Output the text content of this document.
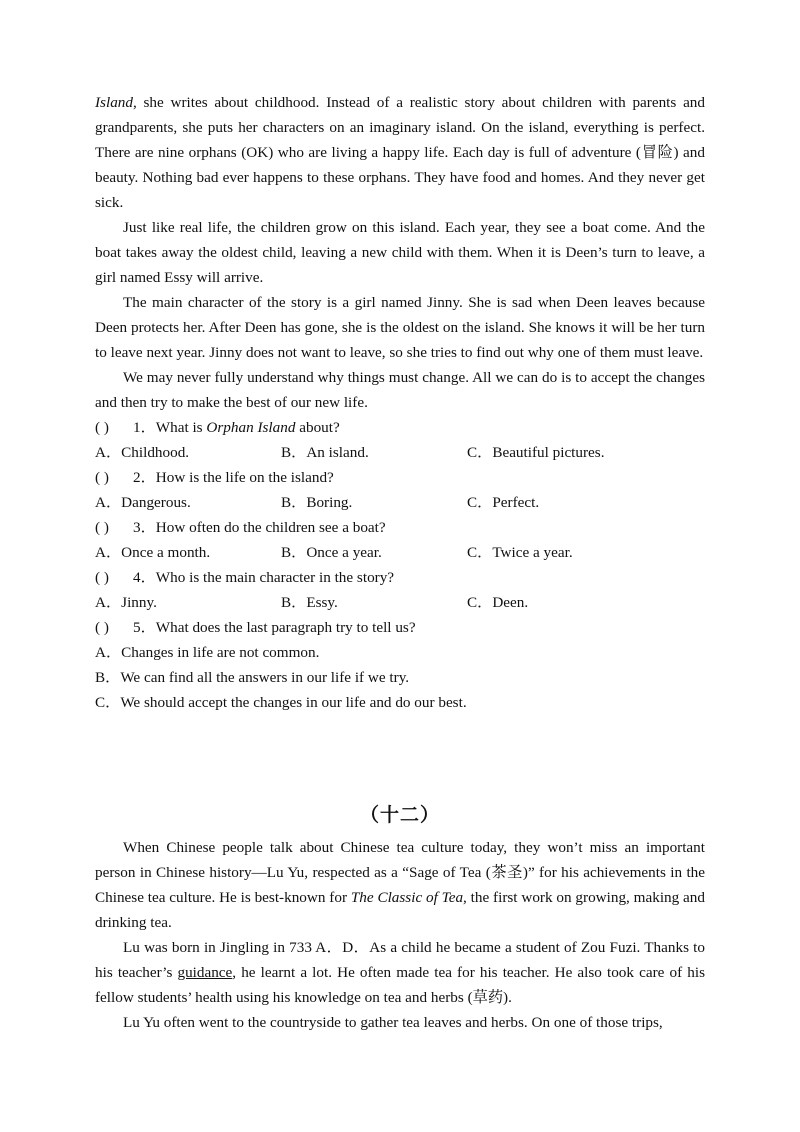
Island, she writes about childhood. Instead of a realistic story about children with parents and grandparents, she puts her characters on an imaginary island. On the island, everything is perfect. There are nine orphans (OK) who are living a happy life. Each day is full of adventure (冒险) and beauty. Nothing bad ever happens to these orphans. They have food and homes. And they never get sick.

Just like real life, the children grow on this island. Each year, they see a boat come. And the boat takes away the oldest child, leaving a new child with them. When it is Deen’s turn to leave, a girl named Essy will arrive.

The main character of the story is a girl named Jinny. She is sad when Deen leaves because Deen protects her. After Deen has gone, she is the oldest on the island. She knows it will be her turn to leave next year. Jinny does not want to leave, so she tries to find out why one of them must leave.

We may never fully understand why things must change. All we can do is to accept the changes and then try to make the best of our new life.

( ) 1．What is Orphan Island about?
A．Childhood.	B．An island.	C．Beautiful pictures.
( ) 2．How is the life on the island?
A．Dangerous.	B．Boring.	C．Perfect.
( ) 3．How often do the children see a boat?
A．Once a month.	B．Once a year.	C．Twice a year.
( ) 4．Who is the main character in the story?
A．Jinny.	B．Essy.	C．Deen.
( ) 5．What does the last paragraph try to tell us?
A．Changes in life are not common.
B．We can find all the answers in our life if we try.
C．We should accept the changes in our life and do our best.
（十二）

When Chinese people talk about Chinese tea culture today, they won’t miss an important person in Chinese history—Lu Yu, respected as a “Sage of Tea (茶圣)” for his achievements in the Chinese tea culture. He is best-known for The Classic of Tea, the first work on growing, making and drinking tea.

Lu was born in Jingling in 733 A．D．As a child he became a student of Zou Fuzi. Thanks to his teacher’s guidance, he learnt a lot. He often made tea for his teacher. He also took care of his fellow students’ health using his knowledge on tea and herbs (草药).

Lu Yu often went to the countryside to gather tea leaves and herbs. On one of those trips,
